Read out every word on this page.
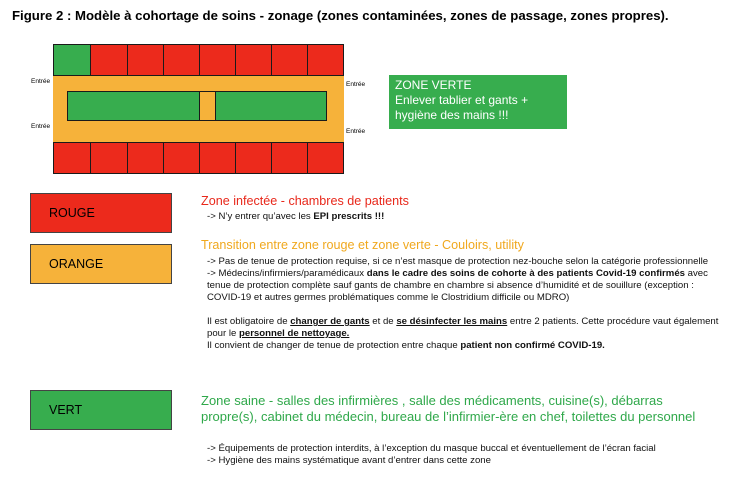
Figure 2 : Modèle à cohortage de soins - zonage (zones contaminées, zones de passage, zones propres).
Entrée
Entrée
Entrée
Entrée
ZONE VERTE
Enlever tablier et gants +
hygiène des mains !!!
ROUGE
Zone infectée - chambres de patients
-> N’y entrer qu’avec les EPI prescrits !!!
ORANGE
Transition entre zone rouge et zone verte - Couloirs, utility

-> Pas de tenue de protection requise, si ce n’est masque de protection nez-bouche selon la catégorie professionnelle

-> Médecins/infirmiers/paramédicaux dans le cadre des soins de cohorte à des patients Covid-19 confirmés avec tenue de protection complète sauf gants de chambre en chambre si absence d’humidité et de souillure (exception : COVID-19 et autres germes problématiques comme le Clostridium difficile ou MDRO)

Il est obligatoire de changer de gants et de se désinfecter les mains entre 2 patients. Cette procédure vaut également pour le personnel de nettoyage.

Il convient de changer de tenue de protection entre chaque patient non confirmé COVID-19.

VERT
Zone saine - salles des infirmières , salle des médicaments, cuisine(s), débarras propre(s), cabinet du médecin, bureau de l’infirmier-ère en chef, toilettes du personnel
-> Équipements de protection interdits, à l’exception du masque buccal et éventuellement de l’écran facial
-> Hygiène des mains systématique avant d’entrer dans cette zone
